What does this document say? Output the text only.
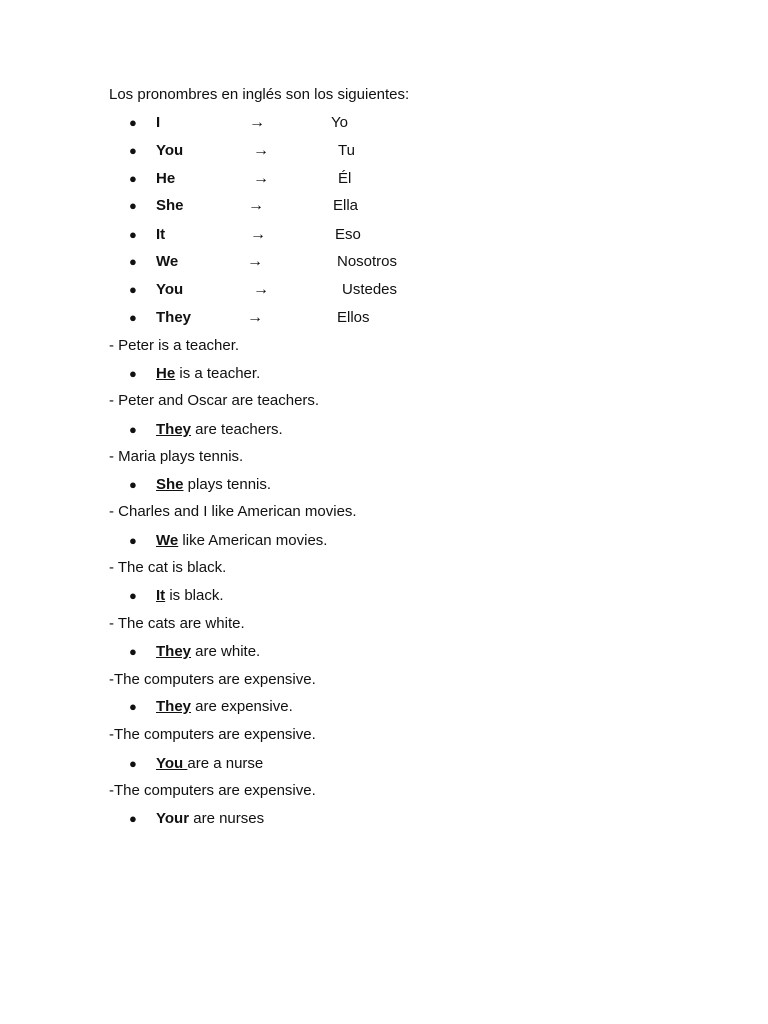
Los pronombres en inglés son los siguientes:

●

I

	→

	Yo

●

You

	→

	Tu

●

He

	→

	Él

●

She

	→

	Ella

●

It

	→

	Eso

●

We

	→

	Nosotros

●

You

	→

	Ustedes

●

They

	→

	Ellos

- Peter is a teacher.

●

He is a teacher.

- Peter and Oscar are teachers.

●

They are teachers.

- Maria plays tennis.

●

She plays tennis.

- Charles and I like American movies.

●

We like American movies.

- The cat is black.

●

It is black.

- The cats are white.

●

They are white.

-The computers are expensive.

●

They are expensive.

-The computers are expensive.

●

You are a nurse

-The computers are expensive.

●

Your are nurses
